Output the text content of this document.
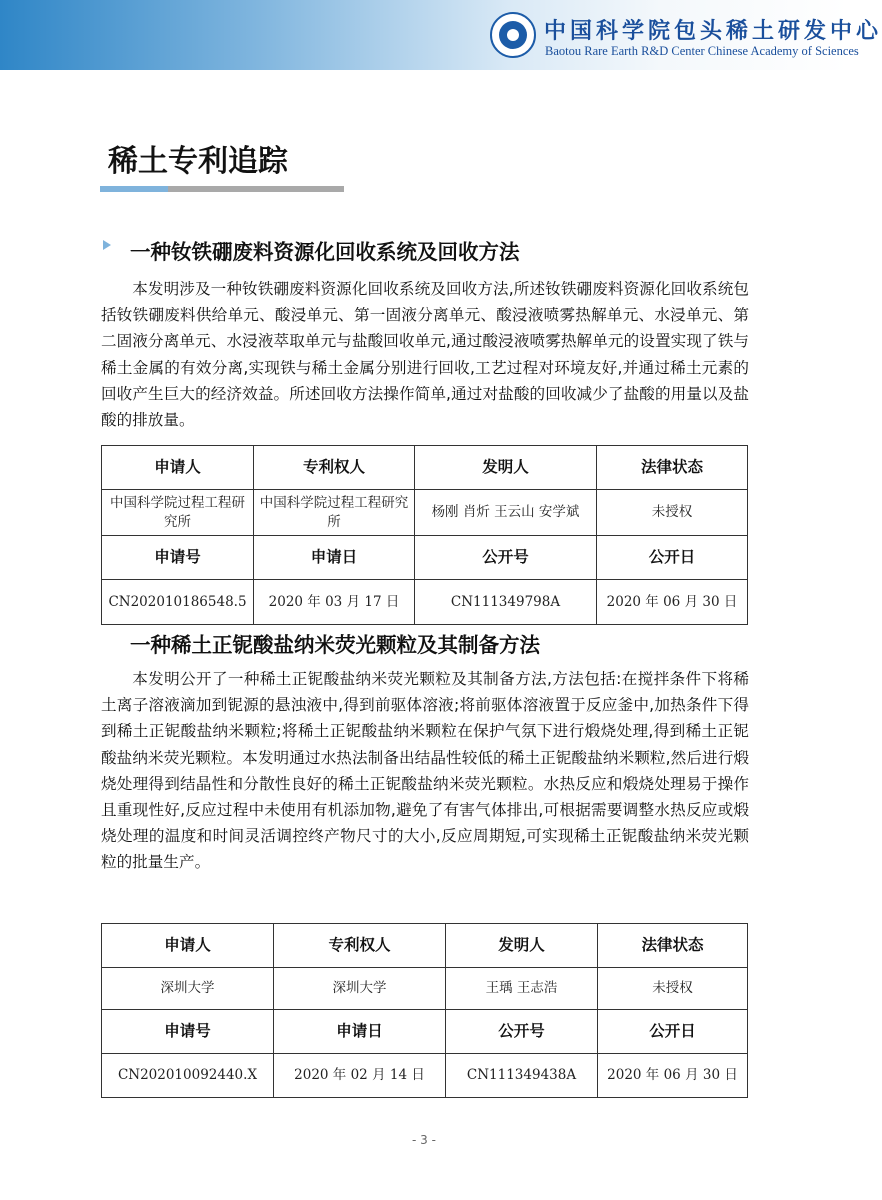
中国科学院包头稀土研发中心
Baotou Rare Earth R&D Center Chinese Academy of Sciences
稀土专利追踪
一种钕铁硼废料资源化回收系统及回收方法

本发明涉及一种钕铁硼废料资源化回收系统及回收方法,所述钕铁硼废料资源化回收系统包括钕铁硼废料供给单元、酸浸单元、第一固液分离单元、酸浸液喷雾热解单元、水浸单元、第二固液分离单元、水浸液萃取单元与盐酸回收单元,通过酸浸液喷雾热解单元的设置实现了铁与稀土金属的有效分离,实现铁与稀土金属分别进行回收,工艺过程对环境友好,并通过稀土元素的回收产生巨大的经济效益。所述回收方法操作简单,通过对盐酸的回收减少了盐酸的用量以及盐酸的排放量。

申请人	专利权人	发明人	法律状态
中国科学院过程工程研究所	中国科学院过程工程研究所	杨刚 肖炘 王云山 安学斌	未授权
申请号	申请日	公开号	公开日
CN202010186548.5	2020 年 03 月 17 日	CN111349798A	2020 年 06 月 30 日
一种稀土正铌酸盐纳米荧光颗粒及其制备方法

本发明公开了一种稀土正铌酸盐纳米荧光颗粒及其制备方法,方法包括:在搅拌条件下将稀土离子溶液滴加到铌源的悬浊液中,得到前驱体溶液;将前驱体溶液置于反应釜中,加热条件下得到稀土正铌酸盐纳米颗粒;将稀土正铌酸盐纳米颗粒在保护气氛下进行煅烧处理,得到稀土正铌酸盐纳米荧光颗粒。本发明通过水热法制备出结晶性较低的稀土正铌酸盐纳米颗粒,然后进行煅烧处理得到结晶性和分散性良好的稀土正铌酸盐纳米荧光颗粒。水热反应和煅烧处理易于操作且重现性好,反应过程中未使用有机添加物,避免了有害气体排出,可根据需要调整水热反应或煅烧处理的温度和时间灵活调控终产物尺寸的大小,反应周期短,可实现稀土正铌酸盐纳米荧光颗粒的批量生产。

申请人	专利权人	发明人	法律状态
深圳大学	深圳大学	王瑀 王志浩	未授权
申请号	申请日	公开号	公开日
CN202010092440.X	2020 年 02 月 14 日	CN111349438A	2020 年 06 月 30 日
- 3 -
